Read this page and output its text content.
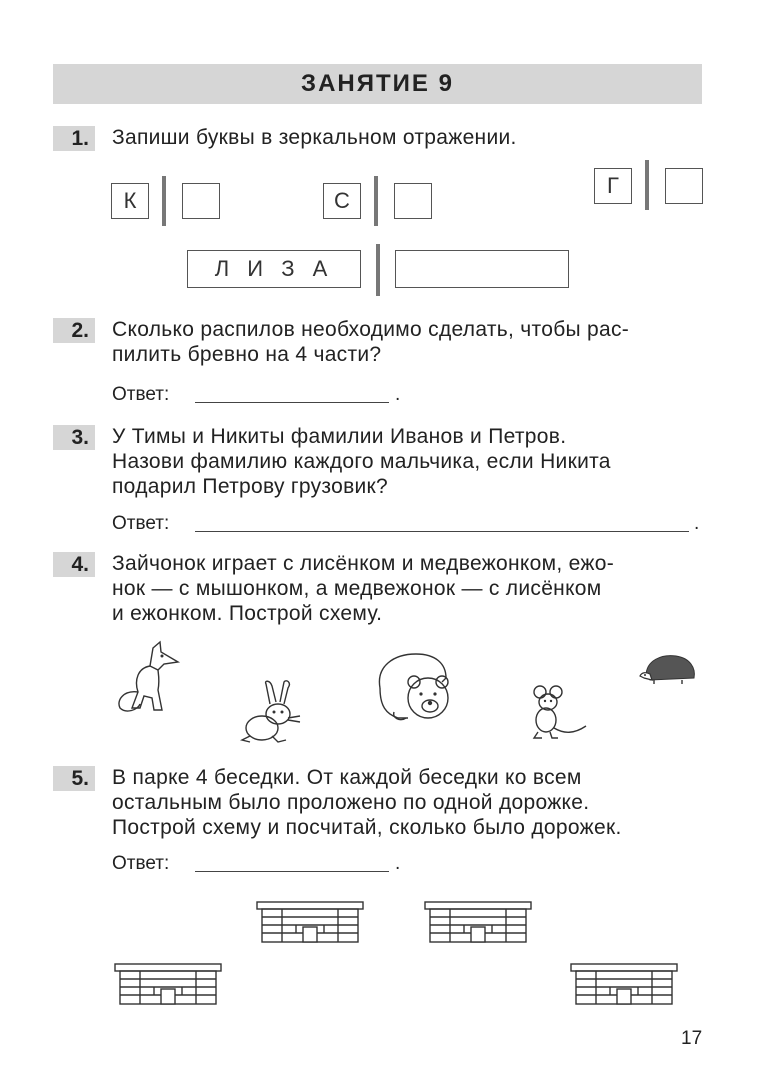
ЗАНЯТИЕ 9
1. Запиши буквы в зеркальном отражении.
К	С
Г
Л И З А
2. Сколько распилов необходимо сделать, чтобы рас-
пилить бревно на 4 части?
Ответ:	.
3. У Тимы и Никиты фамилии Иванов и Петров.
Назови фамилию каждого мальчика, если Никита
подарил Петрову грузовик?
Ответ:	.
4. Зайчонок играет с лисёнком и медвежонком, ежо-
нок — с мышонком, а медвежонок — с лисёнком
и ежонком. Построй схему.
5. В парке 4 беседки. От каждой беседки ко всем
остальным было проложено по одной дорожке.
Построй схему и посчитай, сколько было дорожек.
Ответ:	.
17
